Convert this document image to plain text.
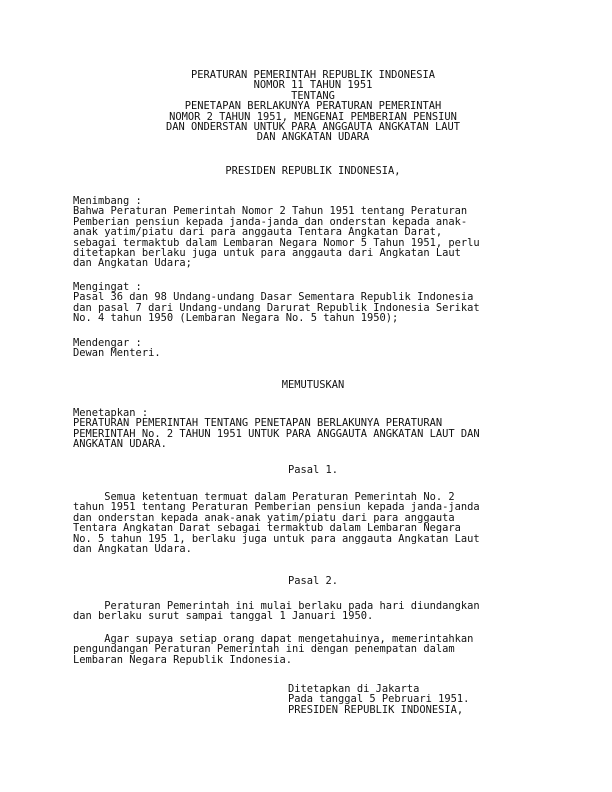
PERATURAN PEMERINTAH REPUBLIK INDONESIA
NOMOR 11 TAHUN 1951
TENTANG
PENETAPAN BERLAKUNYA PERATURAN PEMERINTAH
NOMOR 2 TAHUN 1951, MENGENAI PEMBERIAN PENSIUN
DAN ONDERSTAN UNTUK PARA ANGGAUTA ANGKATAN LAUT
DAN ANGKATAN UDARA
PRESIDEN REPUBLIK INDONESIA,
Menimbang :
Bahwa Peraturan Pemerintah Nomor 2 Tahun 1951 tentang Peraturan
Pemberian pensiun kepada janda-janda dan onderstan kepada anak-
anak yatim/piatu dari para anggauta Tentara Angkatan Darat,
sebagai termaktub dalam Lembaran Negara Nomor 5 Tahun 1951, perlu
ditetapkan berlaku juga untuk para anggauta dari Angkatan Laut
dan Angkatan Udara;
Mengingat :
Pasal 36 dan 98 Undang-undang Dasar Sementara Republik Indonesia
dan pasal 7 dari Undang-undang Darurat Republik Indonesia Serikat
No. 4 tahun 1950 (Lembaran Negara No. 5 tahun 1950);
Mendengar :
Dewan Menteri.
MEMUTUSKAN
Menetapkan :
PERATURAN PEMERINTAH TENTANG PENETAPAN BERLAKUNYA PERATURAN
PEMERINTAH No. 2 TAHUN 1951 UNTUK PARA ANGGAUTA ANGKATAN LAUT DAN
ANGKATAN UDARA.
Pasal 1.
Semua ketentuan termuat dalam Peraturan Pemerintah No. 2
tahun 1951 tentang Peraturan Pemberian pensiun kepada janda-janda
dan onderstan kepada anak-anak yatim/piatu dari para anggauta
Tentara Angkatan Darat sebagai termaktub dalam Lembaran Negara
No. 5 tahun 195 1, berlaku juga untuk para anggauta Angkatan Laut
dan Angkatan Udara.
Pasal 2.
Peraturan Pemerintah ini mulai berlaku pada hari diundangkan
dan berlaku surut sampai tanggal 1 Januari 1950.
Agar supaya setiap orang dapat mengetahuinya, memerintahkan
pengundangan Peraturan Pemerintah ini dengan penempatan dalam
Lembaran Negara Republik Indonesia.
Ditetapkan di Jakarta
Pada tanggal 5 Pebruari 1951.
PRESIDEN REPUBLIK INDONESIA,
